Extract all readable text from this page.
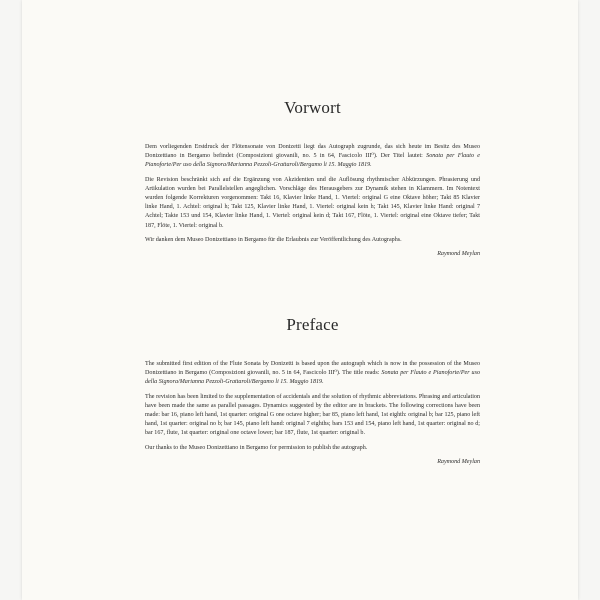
Vorwort

Dem vorliegenden Erstdruck der Flötensonate von Donizetti liegt das Autograph zugrunde, das sich heute im Besitz des Museo Donizettiano in Bergamo befindet (Composizioni giovanili, no. 5 in 64, Fascicolo III⁰). Der Titel lautet: Sonata per Flauto e Pianoforte/Per uso della Signora/Marianna Pezzoli-Grattaroli/Bergamo li 15. Maggio 1819.

Die Revision beschränkt sich auf die Ergänzung von Akzidentien und die Auflösung rhythmischer Abkürzungen. Phrasierung und Artikulation wurden bei Parallelstellen angeglichen. Vorschläge des Herausgebers zur Dynamik stehen in Klammern. Im Notentext wurden folgende Korrekturen vorgenommen: Takt 16, Klavier linke Hand, 1. Viertel: original G eine Oktave höher; Takt 85 Klavier linke Hand, 1. Achtel: original h; Takt 125, Klavier linke Hand, 1. Viertel: original kein h; Takt 145, Klavier linke Hand: original 7 Achtel; Takte 153 und 154, Klavier linke Hand, 1. Viertel: original kein d; Takt 167, Flöte, 1. Viertel: original eine Oktave tiefer; Takt 187, Flöte, 1. Viertel: original b.

Wir danken dem Museo Donizettiano in Bergamo für die Erlaubnis zur Veröffentlichung des Autographs.

Raymond Meylan

Preface

The submitted first edition of the Flute Sonata by Donizetti is based upon the autograph which is now in the possession of the Museo Donizettiano in Bergamo (Composizioni giovanili, no. 5 in 64, Fascicolo III⁰). The title reads: Sonata per Flauto e Pianoforte/Per uso della Signora/Marianna Pezzoli-Grattaroli/Bergamo li 15. Maggio 1819.

The revision has been limited to the supplementation of accidentals and the solution of rhythmic abbreviations. Phrasing and articulation have been made the same as parallel passages. Dynamics suggested by the editor are in brackets. The following corrections have been made: bar 16, piano left hand, 1st quarter: original G one octave higher; bar 85, piano left hand, 1st eighth: original b; bar 125, piano left hand, 1st quarter: original no b; bar 145, piano left hand: original 7 eighths; bars 153 and 154, piano left hand, 1st quarter: original no d; bar 167, flute, 1st quarter: original one octave lower; bar 187, flute, 1st quarter: original b.

Our thanks to the Museo Donizettiano in Bergamo for permission to publish the autograph.

Raymond Meylan
